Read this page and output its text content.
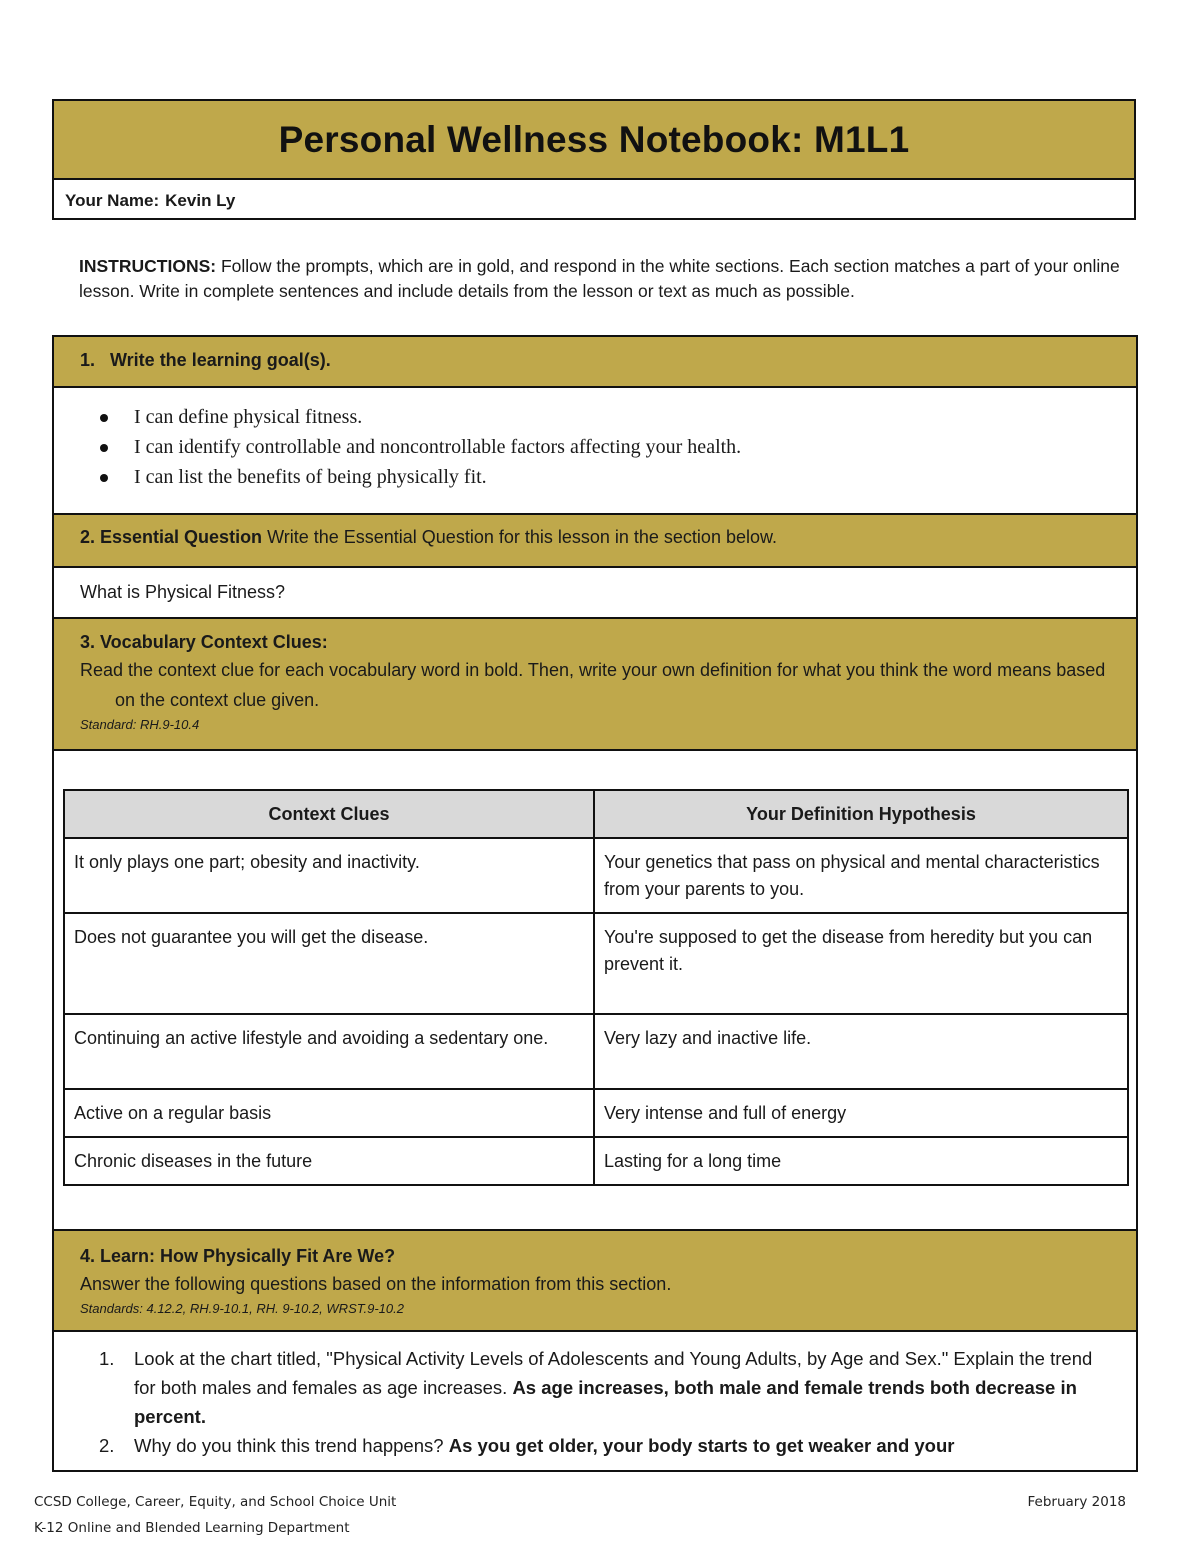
Personal Wellness Notebook: M1L1
Your Name: Kevin Ly
INSTRUCTIONS: Follow the prompts, which are in gold, and respond in the white sections. Each section matches a part of your online lesson. Write in complete sentences and include details from the lesson or text as much as possible.
1.   Write the learning goal(s).
I can define physical fitness.
I can identify controllable and noncontrollable factors affecting your health.
I can list the benefits of being physically fit.
2. Essential Question Write the Essential Question for this lesson in the section below.
What is Physical Fitness?
3. Vocabulary Context Clues:
Read the context clue for each vocabulary word in bold. Then, write your own definition for what you think the word means based on the context clue given.
Standard: RH.9-10.4
Context Clues	Your Definition Hypothesis
It only plays one part; obesity and inactivity.	Your genetics that pass on physical and mental characteristics from your parents to you.
Does not guarantee you will get the disease.	You're supposed to get the disease from heredity but you can prevent it.
Continuing an active lifestyle and avoiding a sedentary one.	Very lazy and inactive life.
Active on a regular basis	Very intense and full of energy
Chronic diseases in the future	Lasting for a long time
4. Learn: How Physically Fit Are We?
Answer the following questions based on the information from this section.
Standards: 4.12.2, RH.9-10.1, RH. 9-10.2, WRST.9-10.2
1. Look at the chart titled, "Physical Activity Levels of Adolescents and Young Adults, by Age and Sex." Explain the trend for both males and females as age increases. As age increases, both male and female trends both decrease in percent.
2. Why do you think this trend happens? As you get older, your body starts to get weaker and your
CCSD College, Career, Equity, and School Choice Unit
K-12 Online and Blended Learning Department
February 2018
